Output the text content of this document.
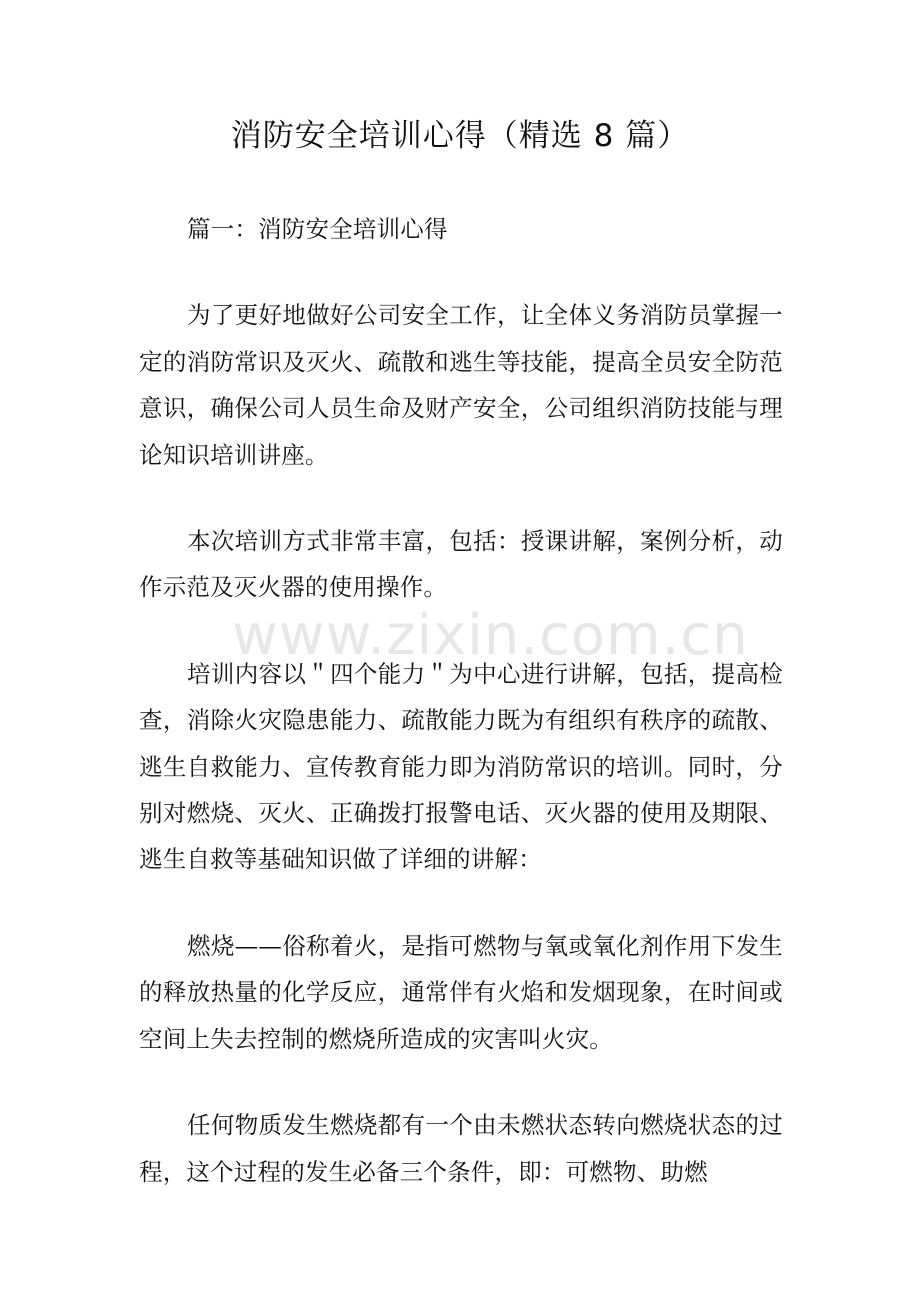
消防安全培训心得（精选 8 篇）

篇一：消防安全培训心得

为了更好地做好公司安全工作，让全体义务消防员掌握一定的消防常识及灭火、疏散和逃生等技能，提高全员安全防范意识，确保公司人员生命及财产安全，公司组织消防技能与理论知识培训讲座。

本次培训方式非常丰富，包括：授课讲解，案例分析，动作示范及灭火器的使用操作。

培训内容以＂四个能力＂为中心进行讲解，包括，提高检查，消除火灾隐患能力、疏散能力既为有组织有秩序的疏散、逃生自救能力、宣传教育能力即为消防常识的培训。同时，分别对燃烧、灭火、正确拨打报警电话、灭火器的使用及期限、逃生自救等基础知识做了详细的讲解：

燃烧——俗称着火，是指可燃物与氧或氧化剂作用下发生的释放热量的化学反应，通常伴有火焰和发烟现象，在时间或空间上失去控制的燃烧所造成的灾害叫火灾。

任何物质发生燃烧都有一个由未燃状态转向燃烧状态的过程，这个过程的发生必备三个条件，即：可燃物、助燃

www.zixin.com.cn
